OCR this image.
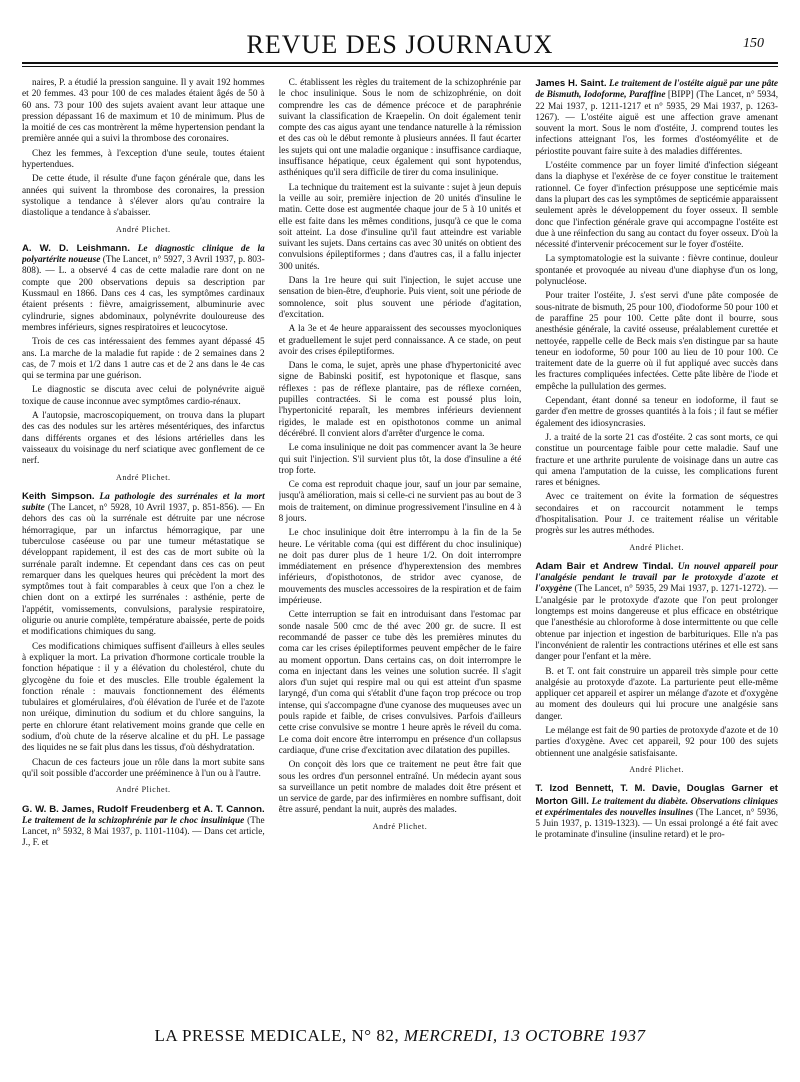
REVUE DES JOURNAUX	150

naires, P. a étudié la pression sanguine. Il y avait 192 hommes et 20 femmes. 43 pour 100 de ces malades étaient âgés de 50 à 60 ans. 73 pour 100 des sujets avaient avant leur attaque une pression dépassant 16 de maximum et 10 de minimum. Plus de la moitié de ces cas montrèrent la même hypertension pendant la première année qui a suivi la thrombose des coronaires.

Chez les femmes, à l'exception d'une seule, toutes étaient hypertendues.

De cette étude, il résulte d'une façon générale que, dans les années qui suivent la thrombose des coronaires, la pression systolique a tendance à s'élever alors qu'au contraire la diastolique a tendance à s'abaisser.

André Plichet.

A. W. D. Leishmann. Le diagnostic clinique de la polyartérite noueuse (The Lancet, n° 5927, 3 Avril 1937, p. 803-808). — L. a observé 4 cas de cette maladie rare dont on ne compte que 200 observations depuis sa description par Kussmaul en 1866. Dans ces 4 cas, les symptômes cardinaux étaient présents : fièvre, amaigrissement, albuminurie avec cylindrurie, signes abdominaux, polynévrite douloureuse des membres inférieurs, signes respiratoires et leucocytose.

Trois de ces cas intéressaient des femmes ayant dépassé 45 ans. La marche de la maladie fut rapide : de 2 semaines dans 2 cas, de 7 mois et 1/2 dans 1 autre cas et de 2 ans dans le 4e cas qui se termina par une guérison.

Le diagnostic se discuta avec celui de polynévrite aiguë toxique de cause inconnue avec symptômes cardio-rénaux.

A l'autopsie, macroscopiquement, on trouva dans la plupart des cas des nodules sur les artères mésentériques, des infarctus dans différents organes et des lésions artérielles dans les vaisseaux du voisinage du nerf sciatique avec gonflement de ce nerf.

André Plichet.

Keith Simpson. La pathologie des surrénales et la mort subite (The Lancet, n° 5928, 10 Avril 1937, p. 851-856). — En dehors des cas où la surrénale est détruite par une nécrose hémorragique, par un infarctus hémorragique, par une tuberculose caséeuse ou par une tumeur métastatique se développant rapidement, il est des cas de mort subite où la surrénale paraît indemne. Et cependant dans ces cas on peut remarquer dans les quelques heures qui précèdent la mort des symptômes tout à fait comparables à ceux que l'on a chez le chien dont on a extirpé les surrénales : asthénie, perte de l'appétit, vomissements, convulsions, paralysie respiratoire, oligurie ou anurie complète, température abaissée, perte de poids et modifications chimiques du sang.

Ces modifications chimiques suffisent d'ailleurs à elles seules à expliquer la mort. La privation d'hormone corticale trouble la fonction hépatique : il y a élévation du cholestérol, chute du glycogène du foie et des muscles. Elle trouble également la fonction rénale : mauvais fonctionnement des éléments tubulaires et glomérulaires, d'où élévation de l'urée et de l'azote non uréique, diminution du sodium et du chlore sanguins, la perte en chlorure étant relativement moins grande que celle en sodium, d'où chute de la réserve alcaline et du pH. Le passage des liquides ne se fait plus dans les tissus, d'où déshydratation.

Chacun de ces facteurs joue un rôle dans la mort subite sans qu'il soit possible d'accorder une prééminence à l'un ou à l'autre.

André Plichet.

G. W. B. James, Rudolf Freudenberg et A. T. Cannon. Le traitement de la schizophrénie par le choc insulinique (The Lancet, n° 5932, 8 Mai 1937, p. 1101-1104). — Dans cet article, J., F. et

C. établissent les règles du traitement de la schizophrénie par le choc insulinique. Sous le nom de schizophrénie, on doit comprendre les cas de démence précoce et de paraphrénie suivant la classification de Kraepelin. On doit également tenir compte des cas aigus ayant une tendance naturelle à la rémission et des cas où le début remonte à plusieurs années. Il faut écarter les sujets qui ont une maladie organique : insuffisance cardiaque, insuffisance hépatique, ceux également qui sont hypotendus, asthéniques qu'il sera difficile de tirer du coma insulinique.

La technique du traitement est la suivante : sujet à jeun depuis la veille au soir, première injection de 20 unités d'insuline le matin. Cette dose est augmentée chaque jour de 5 à 10 unités et elle est faite dans les mêmes conditions, jusqu'à ce que le coma soit atteint. La dose d'insuline qu'il faut atteindre est variable suivant les sujets. Dans certains cas avec 30 unités on obtient des convulsions épileptiformes ; dans d'autres cas, il a fallu injecter 300 unités.

Dans la 1re heure qui suit l'injection, le sujet accuse une sensation de bien-être, d'euphorie. Puis vient, soit une période de somnolence, soit plus souvent une période d'agitation, d'excitation.

A la 3e et 4e heure apparaissent des secousses myocloniques et graduellement le sujet perd connaissance. A ce stade, on peut avoir des crises épileptiformes.

Dans le coma, le sujet, après une phase d'hypertonicité avec signe de Babinski positif, est hypotonique et flasque, sans réflexes : pas de réflexe plantaire, pas de réflexe cornéen, pupilles contractées. Si le coma est poussé plus loin, l'hypertonicité reparaît, les membres inférieurs deviennent rigides, le malade est en opisthotonos comme un animal décérébré. Il convient alors d'arrêter d'urgence le coma.

Le coma insulinique ne doit pas commencer avant la 3e heure qui suit l'injection. S'il survient plus tôt, la dose d'insuline a été trop forte.

Ce coma est reproduit chaque jour, sauf un jour par semaine, jusqu'à amélioration, mais si celle-ci ne survient pas au bout de 3 mois de traitement, on diminue progressivement l'insuline en 4 à 8 jours.

Le choc insulinique doit être interrompu à la fin de la 5e heure. Le véritable coma (qui est différent du choc insulinique) ne doit pas durer plus de 1 heure 1/2. On doit interrompre immédiatement en présence d'hyperextension des membres inférieurs, d'opisthotonos, de stridor avec cyanose, de mouvements des muscles accessoires de la respiration et de faim impérieuse.

Cette interruption se fait en introduisant dans l'estomac par sonde nasale 500 cmc de thé avec 200 gr. de sucre. Il est recommandé de passer ce tube dès les premières minutes du coma car les crises épileptiformes peuvent empêcher de le faire au moment opportun. Dans certains cas, on doit interrompre le coma en injectant dans les veines une solution sucrée. Il s'agit alors d'un sujet qui respire mal ou qui est atteint d'un spasme laryngé, d'un coma qui s'établit d'une façon trop précoce ou trop intense, qui s'accompagne d'une cyanose des muqueuses avec un pouls rapide et faible, de crises convulsives. Parfois d'ailleurs cette crise convulsive se montre 1 heure après le réveil du coma. Le coma doit encore être interrompu en présence d'un collapsus cardiaque, d'une crise d'excitation avec dilatation des pupilles.

On conçoit dès lors que ce traitement ne peut être fait que sous les ordres d'un personnel entraîné. Un médecin ayant sous sa surveillance un petit nombre de malades doit être présent et un service de garde, par des infirmières en nombre suffisant, doit être assuré, pendant la nuit, auprès des malades.

André Plichet.

James H. Saint. Le traitement de l'ostéite aiguë par une pâte de Bismuth, Iodoforme, Paraffine [BIPP] (The Lancet, n° 5934, 22 Mai 1937, p. 1211-1217 et n° 5935, 29 Mai 1937, p. 1263-1267). — L'ostéite aiguë est une affection grave amenant souvent la mort. Sous le nom d'ostéite, J. comprend toutes les infections atteignant l'os, les formes d'ostéomyélite et de périostite pouvant faire suite à des maladies différentes.

L'ostéite commence par un foyer limité d'infection siégeant dans la diaphyse et l'exérèse de ce foyer constitue le traitement rationnel. Ce foyer d'infection présuppose une septicémie mais dans la plupart des cas les symptômes de septicémie apparaissent seulement après le développement du foyer osseux. Il semble donc que l'infection générale grave qui accompagne l'ostéite est due à une réinfection du sang au contact du foyer osseux. D'où la nécessité d'intervenir précocement sur le foyer d'ostéite.

La symptomatologie est la suivante : fièvre continue, douleur spontanée et provoquée au niveau d'une diaphyse d'un os long, polynucléose.

Pour traiter l'ostéite, J. s'est servi d'une pâte composée de sous-nitrate de bismuth, 25 pour 100, d'iodoforme 50 pour 100 et de paraffine 25 pour 100. Cette pâte dont il bourre, sous anesthésie générale, la cavité osseuse, préalablement curettée et nettoyée, rappelle celle de Beck mais s'en distingue par sa haute teneur en iodoforme, 50 pour 100 au lieu de 10 pour 100. Ce traitement date de la guerre où il fut appliqué avec succès dans les fractures compliquées infectées. Cette pâte libère de l'iode et empêche la pullulation des germes.

Cependant, étant donné sa teneur en iodoforme, il faut se garder d'en mettre de grosses quantités à la fois ; il faut se méfier également des idiosyncrasies.

J. a traité de la sorte 21 cas d'ostéite. 2 cas sont morts, ce qui constitue un pourcentage faible pour cette maladie. Sauf une fracture et une arthrite purulente de voisinage dans un autre cas qui amena l'amputation de la cuisse, les complications furent rares et bénignes.

Avec ce traitement on évite la formation de séquestres secondaires et on raccourcit notamment le temps d'hospitalisation. Pour J. ce traitement réalise un véritable progrès sur les autres méthodes.

André Plichet.

Adam Bair et Andrew Tindal. Un nouvel appareil pour l'analgésie pendant le travail par le protoxyde d'azote et l'oxygène (The Lancet, n° 5935, 29 Mai 1937, p. 1271-1272). — L'analgésie par le protoxyde d'azote que l'on peut prolonger longtemps est moins dangereuse et plus efficace en obstétrique que l'anesthésie au chloroforme à dose intermittente ou que celle obtenue par injection et ingestion de barbituriques. Elle n'a pas l'inconvénient de ralentir les contractions utérines et elle est sans danger pour l'enfant et la mère.

B. et T. ont fait construire un appareil très simple pour cette analgésie au protoxyde d'azote. La parturiente peut elle-même appliquer cet appareil et aspirer un mélange d'azote et d'oxygène au moment des douleurs qui lui procure une analgésie sans danger.

Le mélange est fait de 90 parties de protoxyde d'azote et de 10 parties d'oxygène. Avec cet appareil, 92 pour 100 des sujets obtiennent une analgésie satisfaisante.

André Plichet.

T. Izod Bennett, T. M. Davie, Douglas Garner et Morton Gill. Le traitement du diabète. Observations cliniques et expérimentales des nouvelles insulines (The Lancet, n° 5936, 5 Juin 1937, p. 1319-1323). — Un essai prolongé a été fait avec le protaminate d'insuline (insuline retard) et le pro-

LA PRESSE MEDICALE, N° 82, MERCREDI, 13 OCTOBRE 1937
